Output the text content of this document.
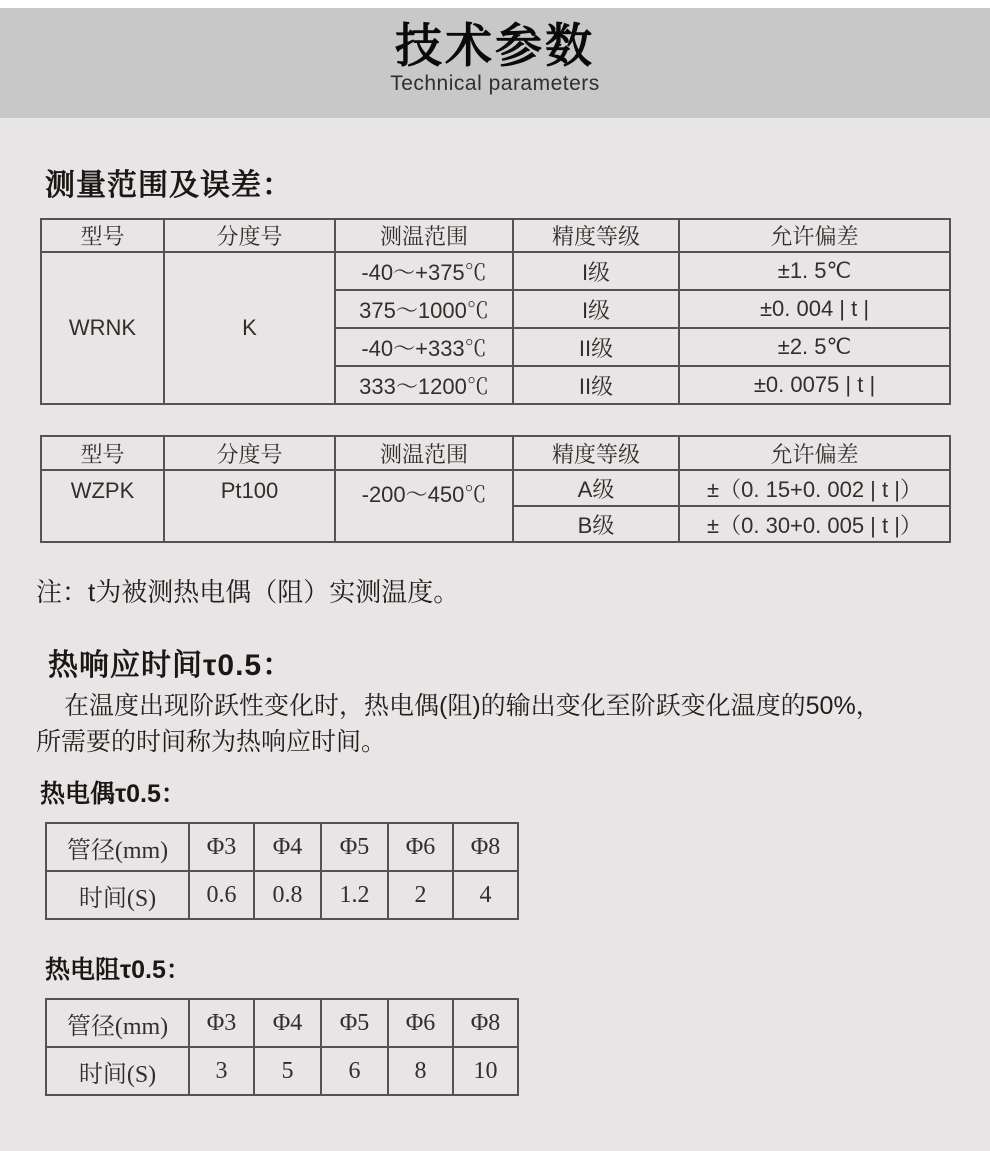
技术参数
Technical parameters
测量范围及误差：
型号	分度号	测温范围	精度等级	允许偏差
WRNK	K	-40～+375℃	I级	±1. 5℃
		375～1000℃	I级	±0. 004 | t |
		-40～+333℃	II级	±2. 5℃
		333～1200℃	II级	±0. 0075 | t |
型号	分度号	测温范围	精度等级	允许偏差
WZPK	Pt100	-200～450℃	A级	±（0. 15+0. 002 | t |）
			B级	±（0. 30+0. 005 | t |）

注：t为被测热电偶（阻）实测温度。

热响应时间τ0.5：

在温度出现阶跃性变化时，热电偶(阻)的输出变化至阶跃变化温度的50%，
所需要的时间称为热响应时间。

热电偶τ0.5：
管径(mm)	Φ3	Φ4	Φ5	Φ6	Φ8
时间(S)	0.6	0.8	1.2	2	4
热电阻τ0.5：
管径(mm)	Φ3	Φ4	Φ5	Φ6	Φ8
时间(S)	3	5	6	8	10
